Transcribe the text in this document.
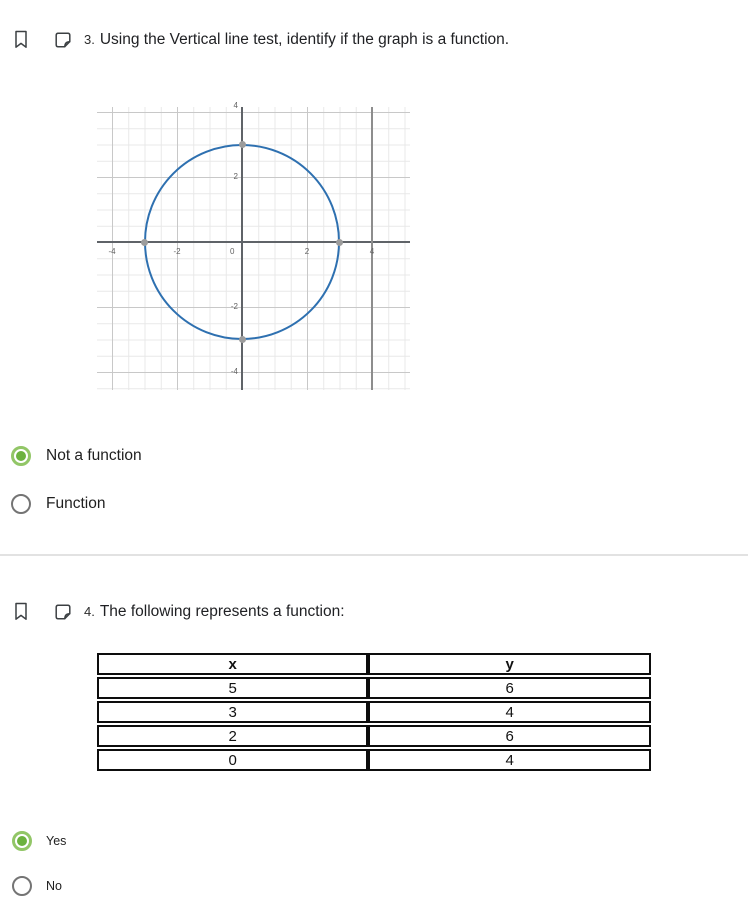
3. Using the Vertical line test, identify if the graph is a function.
-4	-2	0	2	4
4
2
-2
-4
Not a function
Function
4. The following represents a function:
x	y
5	6
3	4
2	6
0	4
Yes
No
